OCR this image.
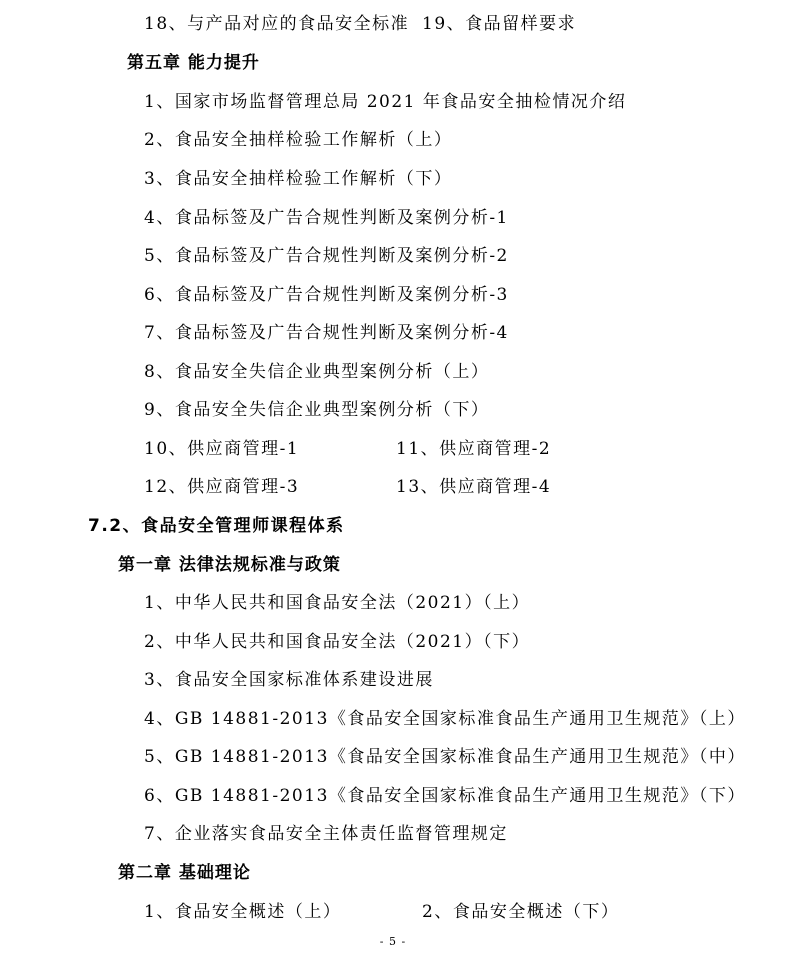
18、与产品对应的食品安全标准 19、食品留样要求
第五章 能力提升
1、国家市场监督管理总局 2021 年食品安全抽检情况介绍
2、食品安全抽样检验工作解析（上）
3、食品安全抽样检验工作解析（下）
4、食品标签及广告合规性判断及案例分析-1
5、食品标签及广告合规性判断及案例分析-2
6、食品标签及广告合规性判断及案例分析-3
7、食品标签及广告合规性判断及案例分析-4
8、食品安全失信企业典型案例分析（上）
9、食品安全失信企业典型案例分析（下）
10、供应商管理-1	11、供应商管理-2
12、供应商管理-3	13、供应商管理-4
7.2、食品安全管理师课程体系
第一章 法律法规标准与政策
1、中华人民共和国食品安全法（2021）（上）
2、中华人民共和国食品安全法（2021）（下）
3、食品安全国家标准体系建设进展
4、GB 14881-2013《食品安全国家标准食品生产通用卫生规范》（上）
5、GB 14881-2013《食品安全国家标准食品生产通用卫生规范》（中）
6、GB 14881-2013《食品安全国家标准食品生产通用卫生规范》（下）
7、企业落实食品安全主体责任监督管理规定
第二章 基础理论
1、食品安全概述（上）	2、食品安全概述（下）
- 5 -
